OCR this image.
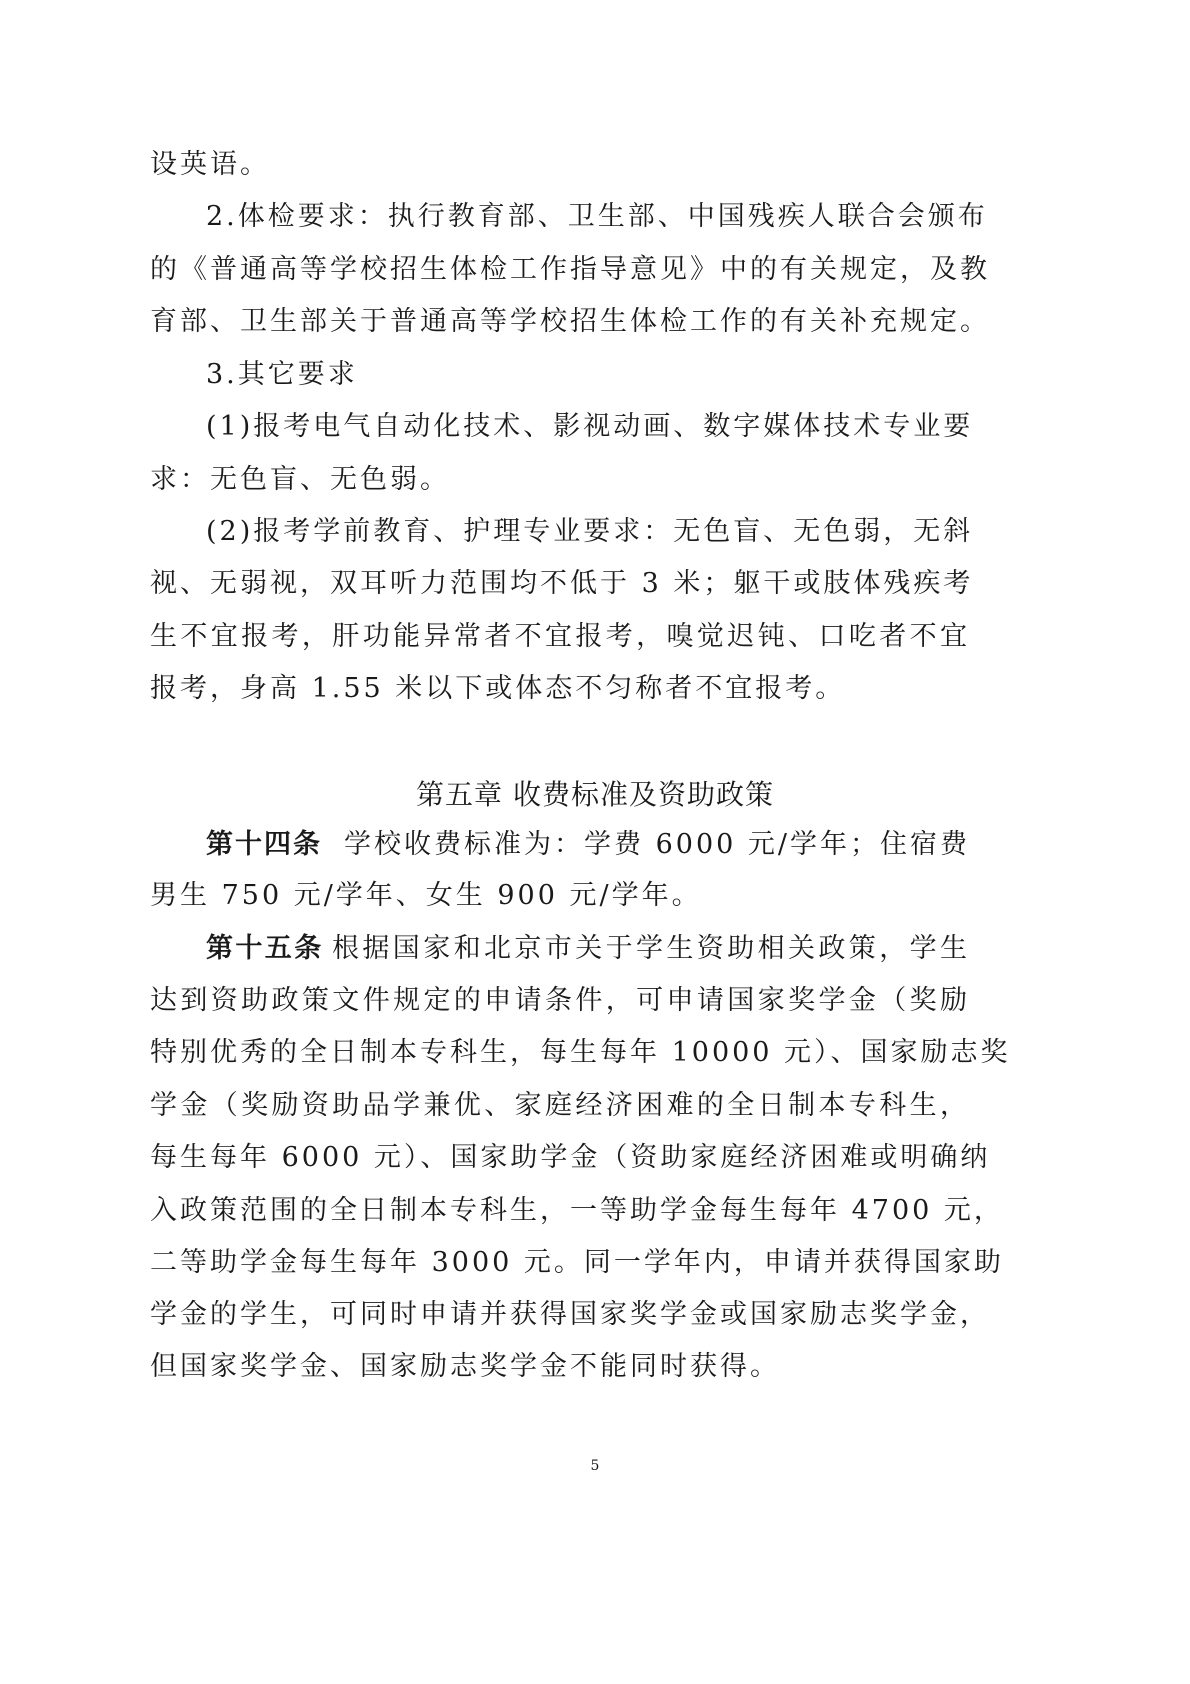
设英语。
2.体检要求：执行教育部、卫生部、中国残疾人联合会颁布
的《普通高等学校招生体检工作指导意见》中的有关规定，及教
育部、卫生部关于普通高等学校招生体检工作的有关补充规定。
3.其它要求
(1)报考电气自动化技术、影视动画、数字媒体技术专业要
求：无色盲、无色弱。
(2)报考学前教育、护理专业要求：无色盲、无色弱，无斜
视、无弱视，双耳听力范围均不低于 3 米；躯干或肢体残疾考
生不宜报考，肝功能异常者不宜报考，嗅觉迟钝、口吃者不宜
报考，身高 1.55 米以下或体态不匀称者不宜报考。
第五章 收费标准及资助政策
第十四条 学校收费标准为：学费 6000 元/学年；住宿费
男生 750 元/学年、女生 900 元/学年。
第十五条 根据国家和北京市关于学生资助相关政策，学生
达到资助政策文件规定的申请条件，可申请国家奖学金（奖励
特别优秀的全日制本专科生，每生每年 10000 元）、国家励志奖
学金（奖励资助品学兼优、家庭经济困难的全日制本专科生，
每生每年 6000 元）、国家助学金（资助家庭经济困难或明确纳
入政策范围的全日制本专科生，一等助学金每生每年 4700 元，
二等助学金每生每年 3000 元。同一学年内，申请并获得国家助
学金的学生，可同时申请并获得国家奖学金或国家励志奖学金，
但国家奖学金、国家励志奖学金不能同时获得。
5
